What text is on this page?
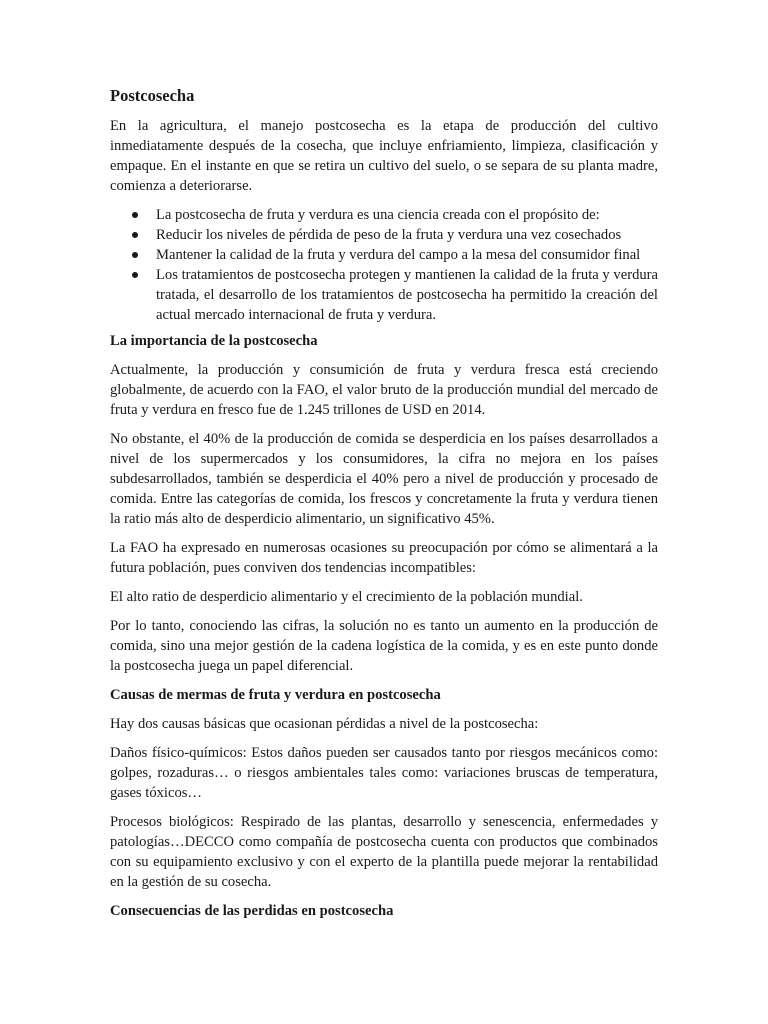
Postcosecha

En la agricultura, el manejo postcosecha es la etapa de producción del cultivo inmediatamente después de la cosecha, que incluye enfriamiento, limpieza, clasificación y empaque. En el instante en que se retira un cultivo del suelo, o se separa de su planta madre, comienza a deteriorarse.

La postcosecha de fruta y verdura es una ciencia creada con el propósito de:
Reducir los niveles de pérdida de peso de la fruta y verdura una vez cosechados
Mantener la calidad de la fruta y verdura del campo a la mesa del consumidor final
Los tratamientos de postcosecha protegen y mantienen la calidad de la fruta y verdura tratada, el desarrollo de los tratamientos de postcosecha ha permitido la creación del actual mercado internacional de fruta y verdura.
La importancia de la postcosecha

Actualmente, la producción y consumición de fruta y verdura fresca está creciendo globalmente, de acuerdo con la FAO, el valor bruto de la producción mundial del mercado de fruta y verdura en fresco fue de 1.245 trillones de USD en 2014.

No obstante, el 40% de la producción de comida se desperdicia en los países desarrollados a nivel de los supermercados y los consumidores, la cifra no mejora en los países subdesarrollados, también se desperdicia el 40% pero a nivel de producción y procesado de comida. Entre las categorías de comida, los frescos y concretamente la fruta y verdura tienen la ratio más alto de desperdicio alimentario, un significativo 45%.

La FAO ha expresado en numerosas ocasiones su preocupación por cómo se alimentará a la futura población, pues conviven dos tendencias incompatibles:

El alto ratio de desperdicio alimentario y el crecimiento de la población mundial.

Por lo tanto, conociendo las cifras, la solución no es tanto un aumento en la producción de comida, sino una mejor gestión de la cadena logística de la comida, y es en este punto donde la postcosecha juega un papel diferencial.

Causas de mermas de fruta y verdura en postcosecha

Hay dos causas básicas que ocasionan pérdidas a nivel de la postcosecha:

Daños físico-químicos: Estos daños pueden ser causados tanto por riesgos mecánicos como: golpes, rozaduras… o riesgos ambientales tales como: variaciones bruscas de temperatura, gases tóxicos…

Procesos biológicos: Respirado de las plantas, desarrollo y senescencia, enfermedades y patologías…DECCO como compañía de postcosecha cuenta con productos que combinados con su equipamiento exclusivo y con el experto de la plantilla puede mejorar la rentabilidad en la gestión de su cosecha.

Consecuencias de las perdidas en postcosecha
